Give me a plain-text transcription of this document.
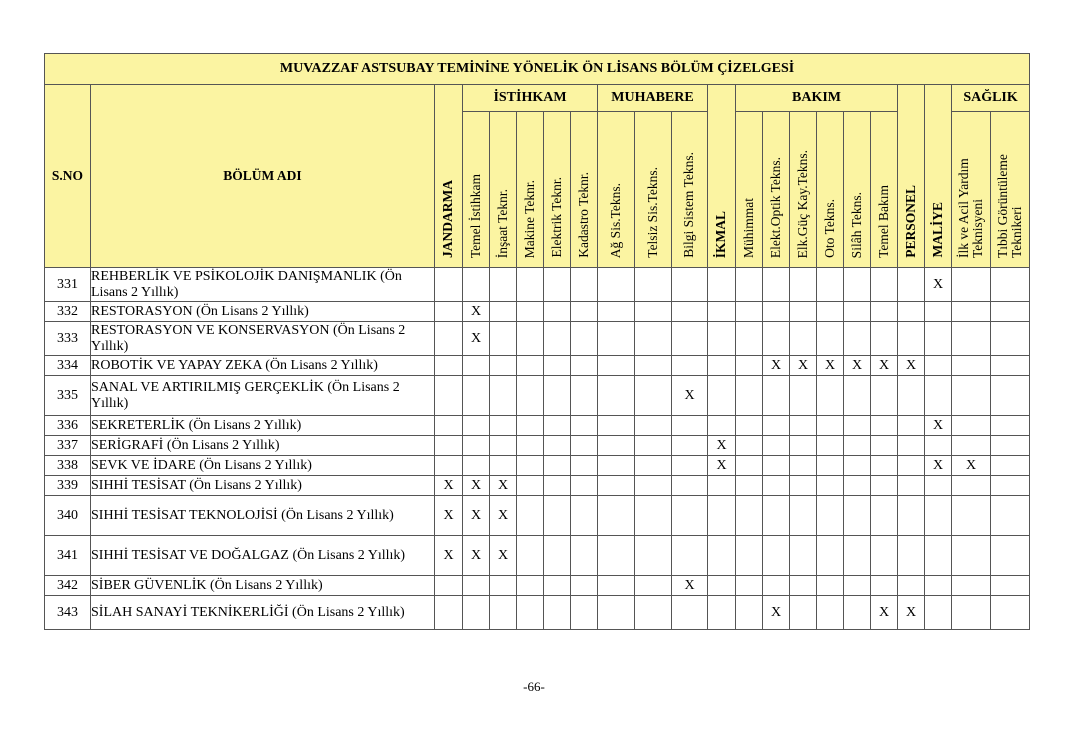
MUVAZZAF ASTSUBAY TEMİNİNE YÖNELİK ÖN LİSANS BÖLÜM ÇİZELGESİ																					
S.NO	BÖLÜM ADI	JANDARMA	İSTİHKAM					MUHABERE			İKMAL	BAKIM						PERSONEL	MALİYE	SAĞLIK	
			Temel İstihkam	İnşaat Teknr.	Makine Teknr.	Elektrik Teknr.	Kadastro Teknr.	Ağ Sis.Tekns.	Telsiz Sis.Tekns.	Bilgi Sistem Tekns.		Mühimmat	Elekt.Optik Tekns.	Elk.Güç Kay.Tekns.	Oto Tekns.	Silâh Tekns.	Temel Bakım			İlk ve Acil Yardım Teknisyeni	Tıbbi Görüntüleme Teknikeri
331	REHBERLİK VE PSİKOLOJİK DANIŞMANLIK (Ön Lisans 2 Yıllık)																		X		
332	RESTORASYON (Ön Lisans 2 Yıllık)		X																		
333	RESTORASYON VE KONSERVASYON (Ön Lisans 2 Yıllık)		X																		
334	ROBOTİK VE YAPAY ZEKA (Ön Lisans 2 Yıllık)												X	X	X	X	X	X			
335	SANAL VE ARTIRILMIŞ GERÇEKLİK (Ön Lisans 2 Yıllık)									X											
336	SEKRETERLİK (Ön Lisans 2 Yıllık)																		X		
337	SERİGRAFİ (Ön Lisans 2 Yıllık)										X										
338	SEVK VE İDARE (Ön Lisans 2 Yıllık)										X								X	X	
339	SIHHİ TESİSAT (Ön Lisans 2 Yıllık)	X	X	X																	
340	SIHHİ TESİSAT TEKNOLOJİSİ (Ön Lisans 2 Yıllık)	X	X	X																	
341	SIHHİ TESİSAT VE DOĞALGAZ (Ön Lisans 2 Yıllık)	X	X	X																	
342	SİBER GÜVENLİK (Ön Lisans 2 Yıllık)									X											
343	SİLAH SANAYİ TEKNİKERLİĞİ (Ön Lisans 2 Yıllık)												X				X	X			
-66-
